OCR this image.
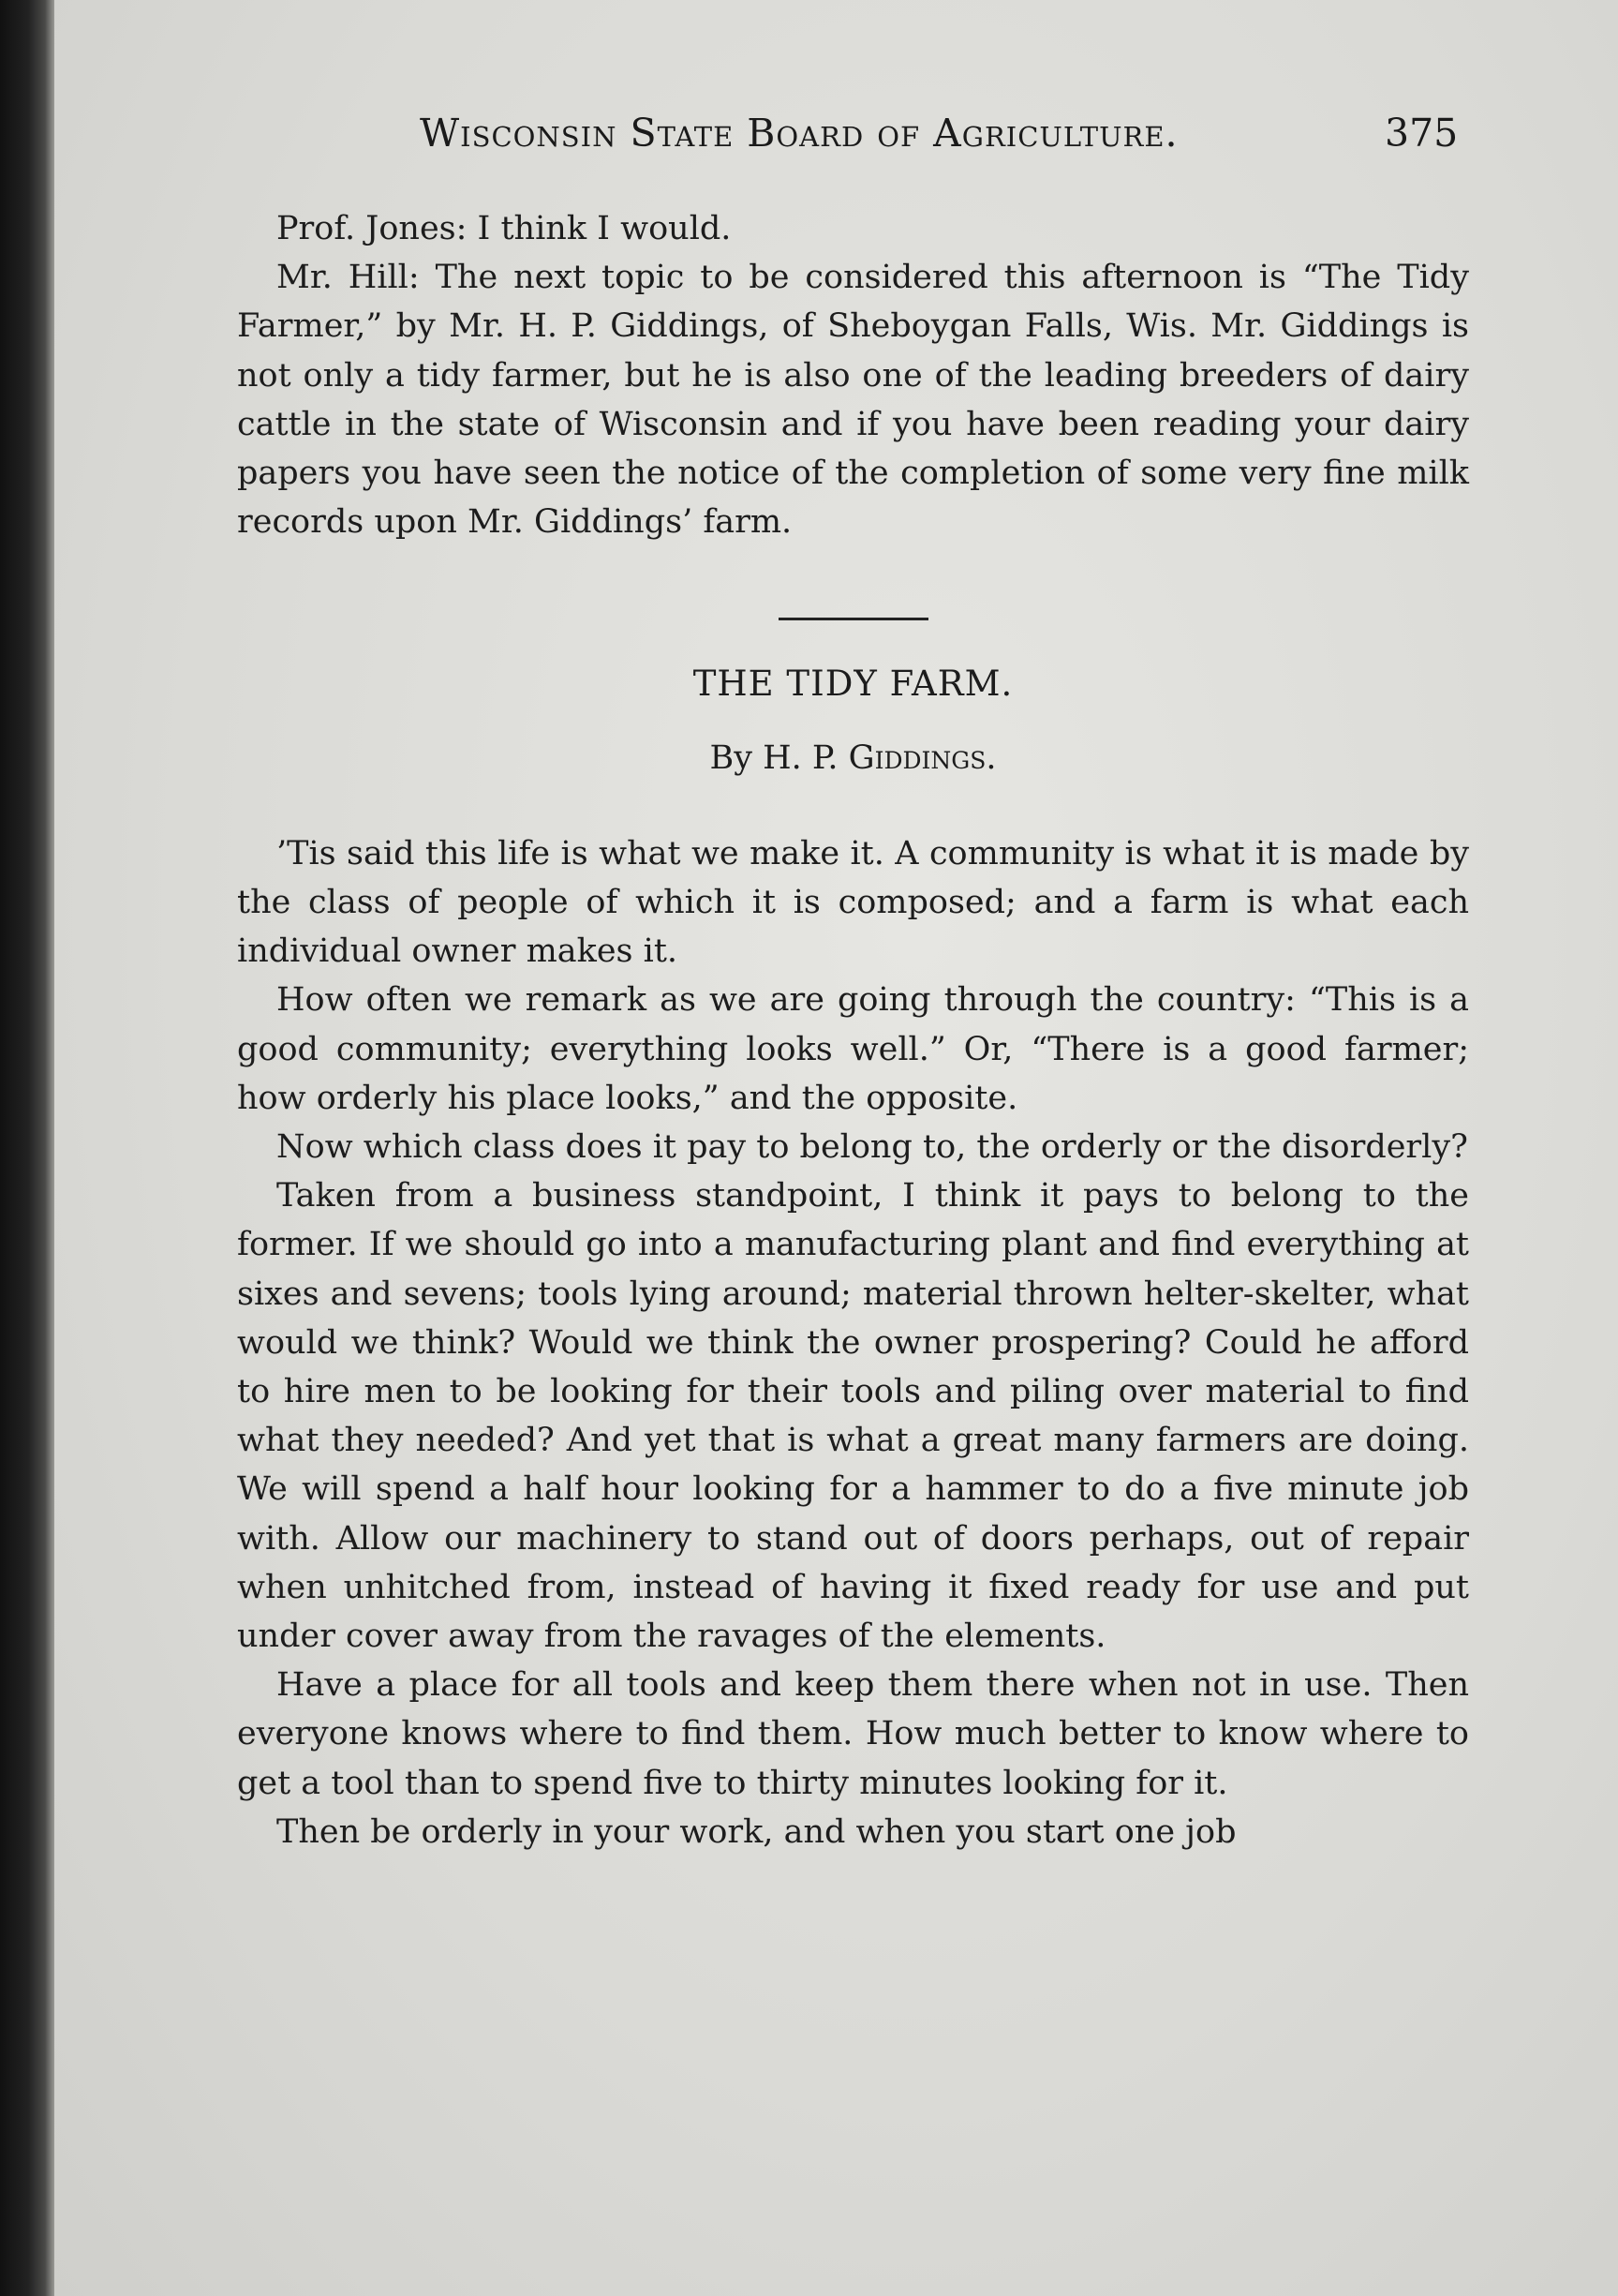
Wisconsin State Board of Agriculture.	375

Prof. Jones: I think I would.

Mr. Hill: The next topic to be considered this afternoon is “The Tidy Farmer,” by Mr. H. P. Giddings, of Sheboygan Falls, Wis. Mr. Giddings is not only a tidy farmer, but he is also one of the leading breeders of dairy cattle in the state of Wisconsin and if you have been reading your dairy papers you have seen the notice of the completion of some very fine milk records upon Mr. Giddings’ farm.

THE TIDY FARM.

By H. P. Giddings.

’Tis said this life is what we make it. A community is what it is made by the class of people of which it is composed; and a farm is what each individual owner makes it.

How often we remark as we are going through the country: “This is a good community; everything looks well.” Or, “There is a good farmer; how orderly his place looks,” and the opposite.

Now which class does it pay to belong to, the orderly or the disorderly?

Taken from a business standpoint, I think it pays to belong to the former. If we should go into a manufacturing plant and find everything at sixes and sevens; tools lying around; material thrown helter-skelter, what would we think? Would we think the owner prospering? Could he afford to hire men to be looking for their tools and piling over material to find what they needed? And yet that is what a great many farmers are doing. We will spend a half hour looking for a hammer to do a five minute job with. Allow our machinery to stand out of doors perhaps, out of repair when unhitched from, instead of having it fixed ready for use and put under cover away from the ravages of the elements.

Have a place for all tools and keep them there when not in use. Then everyone knows where to find them. How much better to know where to get a tool than to spend five to thirty minutes looking for it.

Then be orderly in your work, and when you start one job
